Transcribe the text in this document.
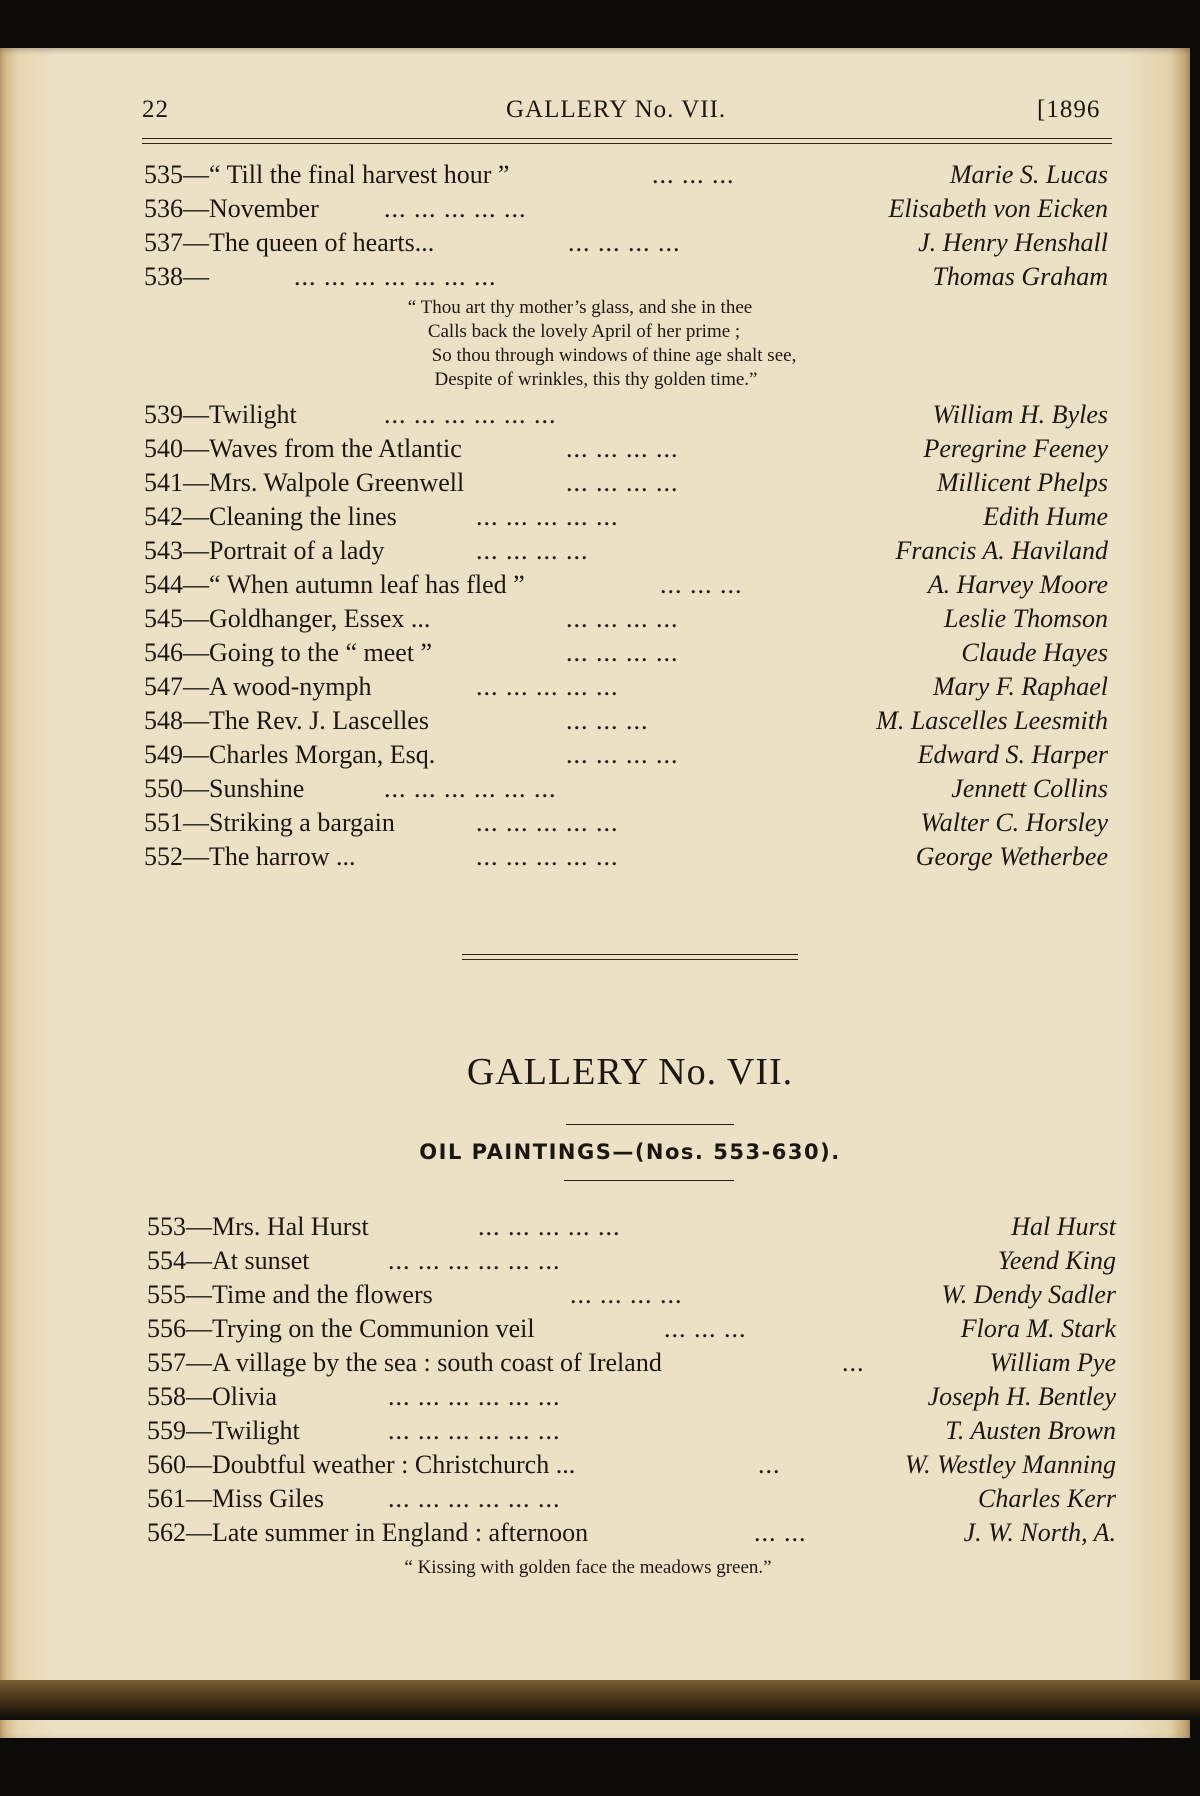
22	GALLERY No. VII.	[1896
535—“ Till the final harvest hour ”	... ... ...	Marie S. Lucas
536—November	... ... ... ... ...	Elisabeth von Eicken
537—The queen of hearts...	... ... ... ...	J. Henry Henshall
538—	... ... ... ... ... ... ...	Thomas Graham
“ Thou art thy mother’s glass, and she in thee
Calls back the lovely April of her prime ;
So thou through windows of thine age shalt see,
Despite of wrinkles, this thy golden time.”
539—Twilight	... ... ... ... ... ...	William H. Byles
540—Waves from the Atlantic	... ... ... ...	Peregrine Feeney
541—Mrs. Walpole Greenwell	... ... ... ...	Millicent Phelps
542—Cleaning the lines	... ... ... ... ...	Edith Hume
543—Portrait of a lady	... ... ... ...	Francis A. Haviland
544—“ When autumn leaf has fled ”	... ... ...	A. Harvey Moore
545—Goldhanger, Essex ...	... ... ... ...	Leslie Thomson
546—Going to the “ meet ”	... ... ... ...	Claude Hayes
547—A wood-nymph	... ... ... ... ...	Mary F. Raphael
548—The Rev. J. Lascelles	... ... ...	M. Lascelles Leesmith
549—Charles Morgan, Esq.	... ... ... ...	Edward S. Harper
550—Sunshine	... ... ... ... ... ...	Jennett Collins
551—Striking a bargain	... ... ... ... ...	Walter C. Horsley
552—The harrow ...	... ... ... ... ...	George Wetherbee
GALLERY No. VII.
OIL PAINTINGS—(Nos. 553-630).
553—Mrs. Hal Hurst	... ... ... ... ...	Hal Hurst
554—At sunset	... ... ... ... ... ...	Yeend King
555—Time and the flowers	... ... ... ...	W. Dendy Sadler
556—Trying on the Communion veil	... ... ...	Flora M. Stark
557—A village by the sea : south coast of Ireland	...	William Pye
558—Olivia	... ... ... ... ... ...	Joseph H. Bentley
559—Twilight	... ... ... ... ... ...	T. Austen Brown
560—Doubtful weather : Christchurch ...	...	W. Westley Manning
561—Miss Giles ... ... ... ... ... ...	Charles Kerr
562—Late summer in England : afternoon	... ...	J. W. North, A.
“ Kissing with golden face the meadows green.”
